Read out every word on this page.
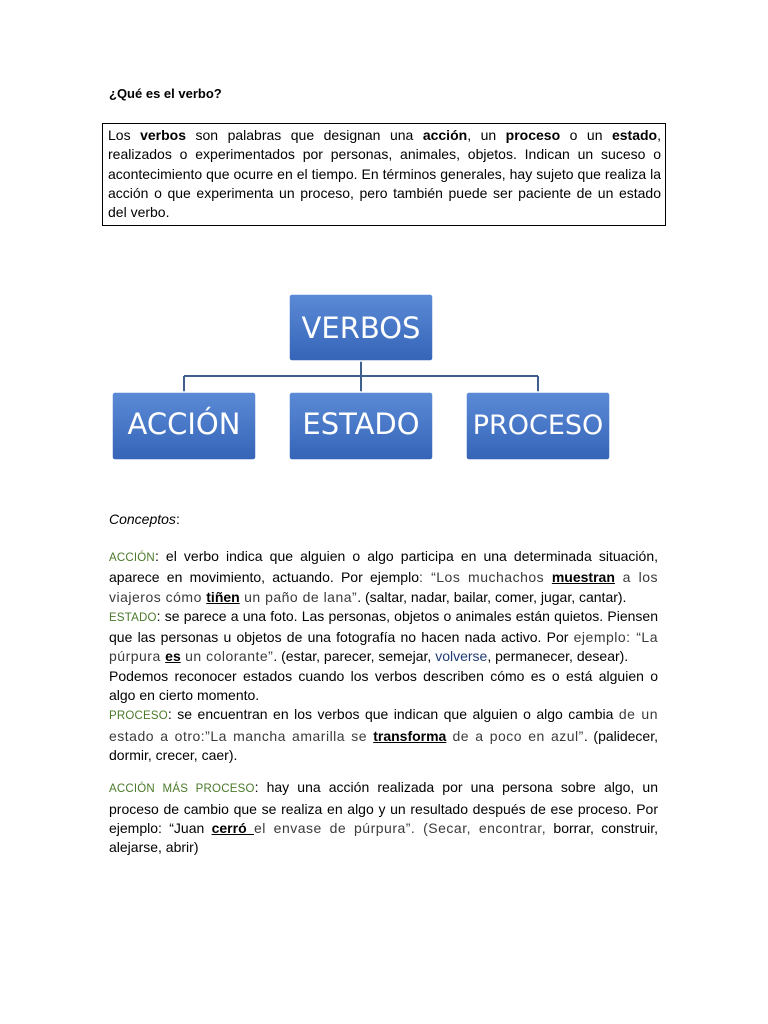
¿Qué es el verbo?
Los verbos son palabras que designan una acción, un proceso o un estado, realizados o experimentados por personas, animales, objetos. Indican un suceso o acontecimiento que ocurre en el tiempo. En términos generales, hay sujeto que realiza la acción o que experimenta un proceso, pero también puede ser paciente de un estado del verbo.
VERBOS
ACCIÓN ESTADO PROCESO
Conceptos:

ACCIÓN: el verbo indica que alguien o algo participa en una determinada situación, aparece en movimiento, actuando. Por ejemplo: “Los muchachos muestran a los viajeros cómo tiñen un paño de lana”. (saltar, nadar, bailar, comer, jugar, cantar).

ESTADO: se parece a una foto. Las personas, objetos o animales están quietos. Piensen que las personas u objetos de una fotografía no hacen nada activo. Por ejemplo: “La púrpura es un colorante”. (estar, parecer, semejar, volverse, permanecer, desear).

Podemos reconocer estados cuando los verbos describen cómo es o está alguien o algo en cierto momento.

PROCESO: se encuentran en los verbos que indican que alguien o algo cambia de un estado a otro:”La mancha amarilla se transforma de a poco en azul”. (palidecer, dormir, crecer, caer).

ACCIÓN MÁS PROCESO: hay una acción realizada por una persona sobre algo, un proceso de cambio que se realiza en algo y un resultado después de ese proceso. Por ejemplo: “Juan cerró el envase de púrpura”. (Secar, encontrar, borrar, construir, alejarse, abrir)
